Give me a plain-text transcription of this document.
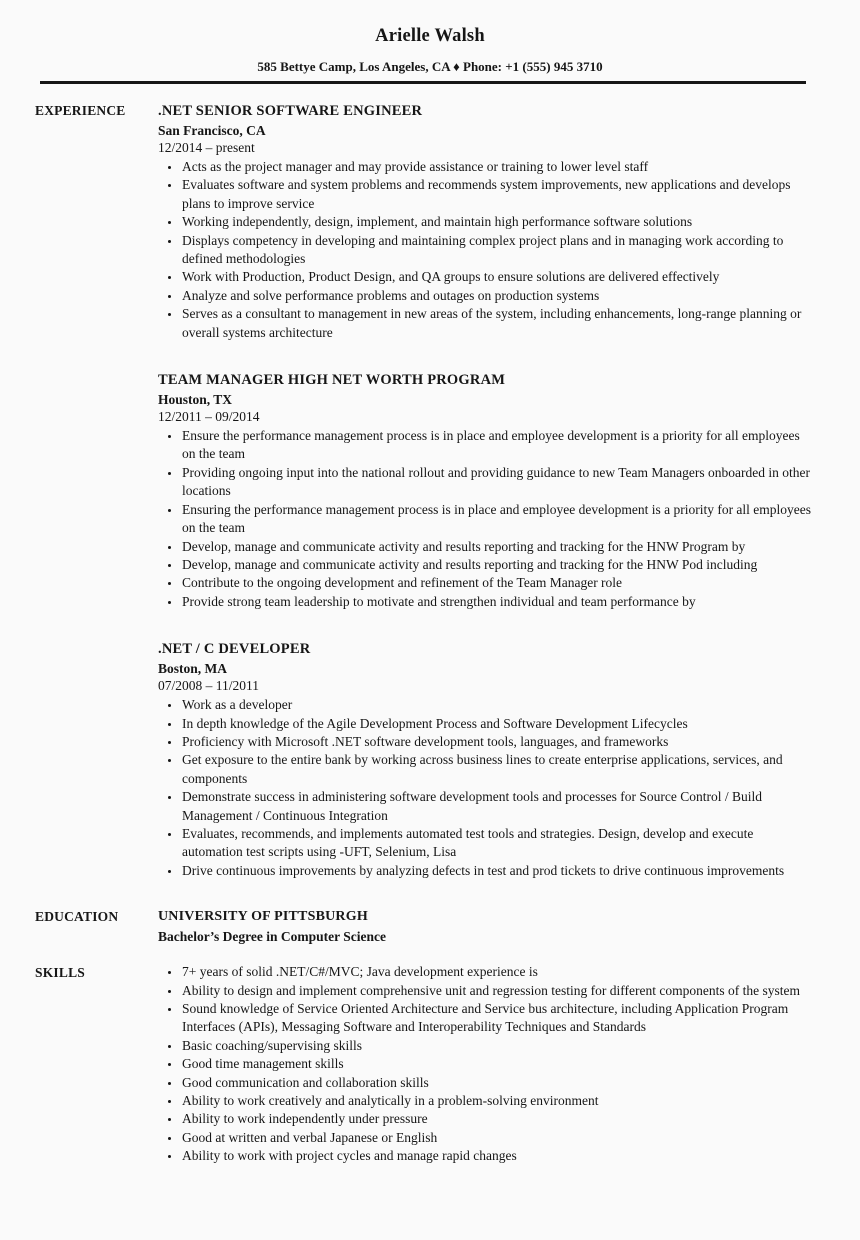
Arielle Walsh
585 Bettye Camp, Los Angeles, CA ♦ Phone: +1 (555) 945 3710
EXPERIENCE	.NET SENIOR SOFTWARE ENGINEER
San Francisco, CA
12/2014 – present
• Acts as the project manager and may provide assistance or training to lower level staff
• Evaluates software and system problems and recommends system improvements, new applications and develops plans to improve service
• Working independently, design, implement, and maintain high performance software solutions
• Displays competency in developing and maintaining complex project plans and in managing work according to defined methodologies
• Work with Production, Product Design, and QA groups to ensure solutions are delivered effectively
• Analyze and solve performance problems and outages on production systems
• Serves as a consultant to management in new areas of the system, including enhancements, long-range planning or overall systems architecture
TEAM MANAGER HIGH NET WORTH PROGRAM
Houston, TX
12/2011 – 09/2014
• Ensure the performance management process is in place and employee development is a priority for all employees on the team
• Providing ongoing input into the national rollout and providing guidance to new Team Managers onboarded in other locations
• Ensuring the performance management process is in place and employee development is a priority for all employees on the team
• Develop, manage and communicate activity and results reporting and tracking for the HNW Program by
• Develop, manage and communicate activity and results reporting and tracking for the HNW Pod including
• Contribute to the ongoing development and refinement of the Team Manager role
• Provide strong team leadership to motivate and strengthen individual and team performance by
.NET / C DEVELOPER
Boston, MA
07/2008 – 11/2011
• Work as a developer
• In depth knowledge of the Agile Development Process and Software Development Lifecycles
• Proficiency with Microsoft .NET software development tools, languages, and frameworks
• Get exposure to the entire bank by working across business lines to create enterprise applications, services, and components
• Demonstrate success in administering software development tools and processes for Source Control / Build Management / Continuous Integration
• Evaluates, recommends, and implements automated test tools and strategies. Design, develop and execute automation test scripts using -UFT, Selenium, Lisa
• Drive continuous improvements by analyzing defects in test and prod tickets to drive continuous improvements
EDUCATION	UNIVERSITY OF PITTSBURGH
Bachelor’s Degree in Computer Science
SKILLS	• 7+ years of solid .NET/C#/MVC; Java development experience is
• Ability to design and implement comprehensive unit and regression testing for different components of the system
• Sound knowledge of Service Oriented Architecture and Service bus architecture, including Application Program Interfaces (APIs), Messaging Software and Interoperability Techniques and Standards
• Basic coaching/supervising skills
• Good time management skills
• Good communication and collaboration skills
• Ability to work creatively and analytically in a problem-solving environment
• Ability to work independently under pressure
• Good at written and verbal Japanese or English
• Ability to work with project cycles and manage rapid changes
